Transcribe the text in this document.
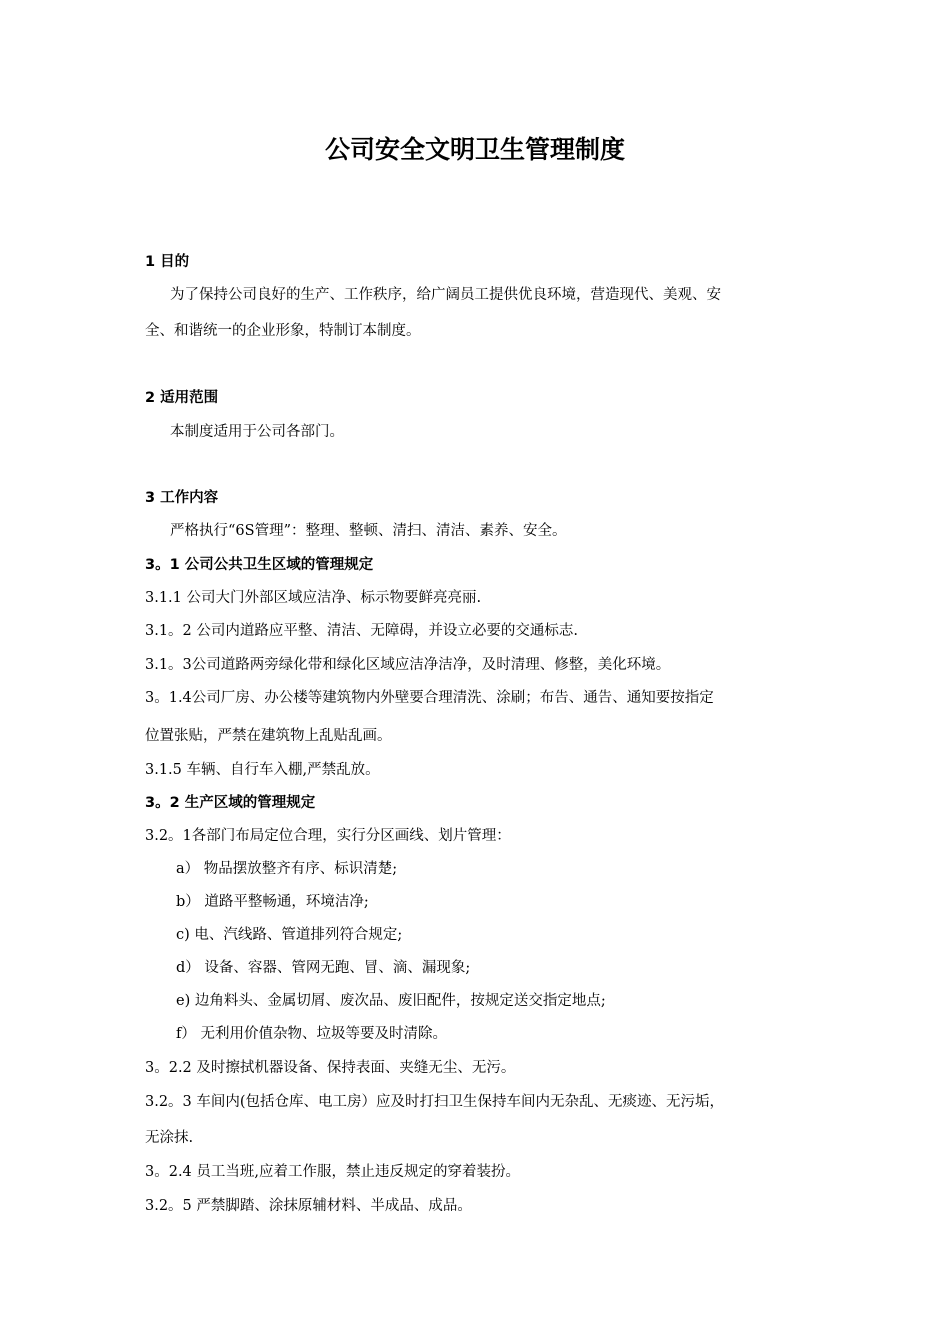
公司安全文明卫生管理制度
1 目的
为了保持公司良好的生产、工作秩序，给广阔员工提供优良环境，营造现代、美观、安
全、和谐统一的企业形象，特制订本制度。
2 适用范围
本制度适用于公司各部门。
3 工作内容
严格执行“6S管理”：整理、整顿、清扫、清洁、素养、安全。
3。1 公司公共卫生区域的管理规定
3.1.1 公司大门外部区域应洁净、标示物要鲜亮亮丽.
3.1。2 公司内道路应平整、清洁、无障碍，并设立必要的交通标志.
3.1。3公司道路两旁绿化带和绿化区域应洁净洁净，及时清理、修整，美化环境。
3。1.4公司厂房、办公楼等建筑物内外壁要合理清洗、涂刷；布告、通告、通知要按指定
位置张贴，严禁在建筑物上乱贴乱画。
3.1.5 车辆、自行车入棚,严禁乱放。
3。2 生产区域的管理规定
3.2。1各部门布局定位合理，实行分区画线、划片管理：
a） 物品摆放整齐有序、标识清楚;
b） 道路平整畅通，环境洁净;
c) 电、汽线路、管道排列符合规定;
d） 设备、容器、管网无跑、冒、滴、漏现象;
e) 边角料头、金属切屑、废次品、废旧配件，按规定送交指定地点;
f） 无利用价值杂物、垃圾等要及时清除。
3。2.2 及时擦拭机器设备、保持表面、夹缝无尘、无污。
3.2。3 车间内(包括仓库、电工房）应及时打扫卫生保持车间内无杂乱、无痰迹、无污垢，
无涂抹.
3。2.4 员工当班,应着工作服，禁止违反规定的穿着装扮。
3.2。5 严禁脚踏、涂抹原辅材料、半成品、成品。
